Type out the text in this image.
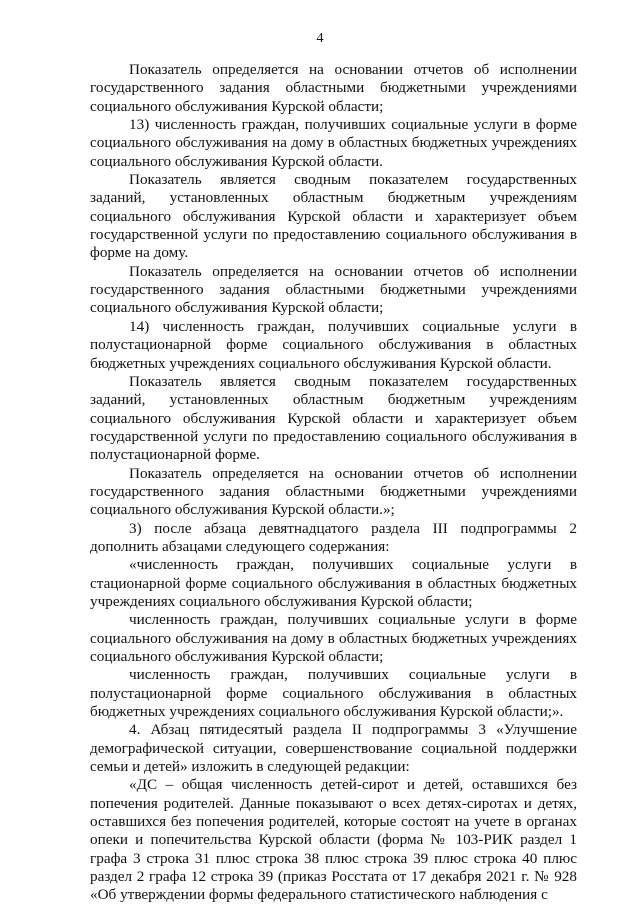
4

Показатель определяется на основании отчетов об исполнении государственного задания областными бюджетными учреждениями социального обслуживания Курской области;

13) численность граждан, получивших социальные услуги в форме социального обслуживания на дому в областных бюджетных учреждениях социального обслуживания Курской области.

Показатель является сводным показателем государственных заданий, установленных областным бюджетным учреждениям социального обслуживания Курской области и характеризует объем государственной услуги по предоставлению социального обслуживания в форме на дому.

Показатель определяется на основании отчетов об исполнении государственного задания областными бюджетными учреждениями социального обслуживания Курской области;

14) численность граждан, получивших социальные услуги в полустационарной форме социального обслуживания в областных бюджетных учреждениях социального обслуживания Курской области.

Показатель является сводным показателем государственных заданий, установленных областным бюджетным учреждениям социального обслуживания Курской области и характеризует объем государственной услуги по предоставлению социального обслуживания в полустационарной форме.

Показатель определяется на основании отчетов об исполнении государственного задания областными бюджетными учреждениями социального обслуживания Курской области.»;

3) после абзаца девятнадцатого раздела III подпрограммы 2 дополнить абзацами следующего содержания:

«численность граждан, получивших социальные услуги в стационарной форме социального обслуживания в областных бюджетных учреждениях социального обслуживания Курской области;

численность граждан, получивших социальные услуги в форме социального обслуживания на дому в областных бюджетных учреждениях социального обслуживания Курской области;

численность граждан, получивших социальные услуги в полустационарной форме социального обслуживания в областных бюджетных учреждениях социального обслуживания Курской области;».

4. Абзац пятидесятый раздела II подпрограммы 3 «Улучшение демографической ситуации, совершенствование социальной поддержки семьи и детей» изложить в следующей редакции:

«ДС – общая численность детей-сирот и детей, оставшихся без попечения родителей. Данные показывают о всех детях-сиротах и детях, оставшихся без попечения родителей, которые состоят на учете в органах опеки и попечительства Курской области (форма № 103-РИК раздел 1 графа 3 строка 31 плюс строка 38 плюс строка 39 плюс строка 40 плюс раздел 2 графа 12 строка 39 (приказ Росстата от 17 декабря 2021 г. № 928 «Об утверждении формы федерального статистического наблюдения с
